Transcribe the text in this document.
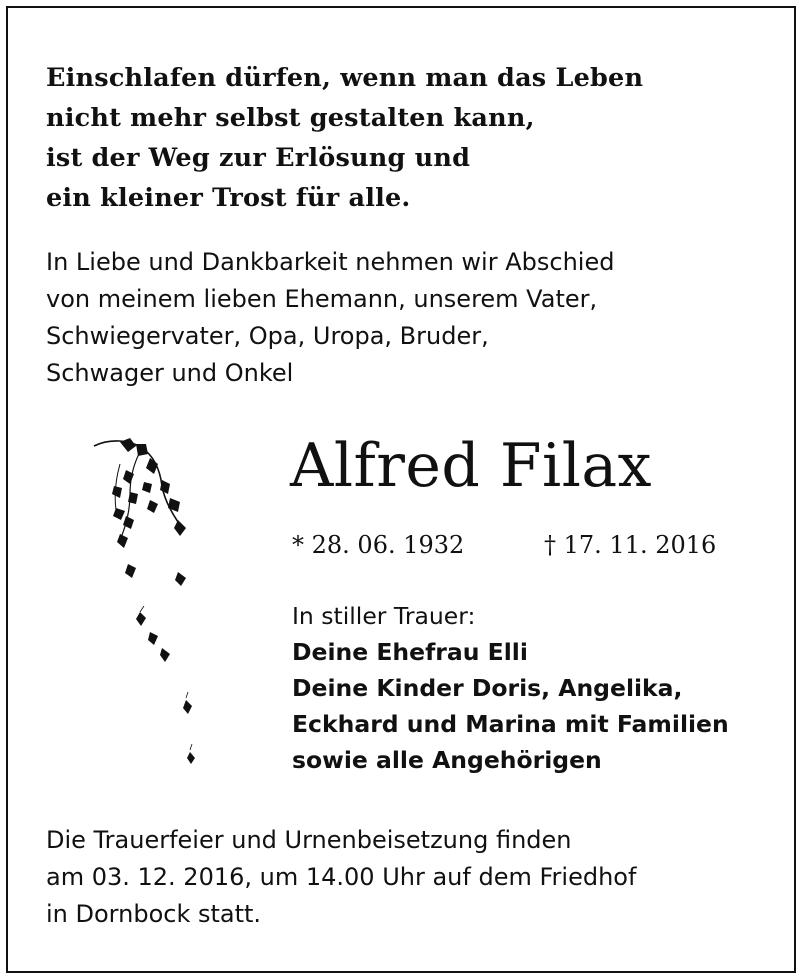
Einschlafen dürfen, wenn man das Leben
nicht mehr selbst gestalten kann,
ist der Weg zur Erlösung und
ein kleiner Trost für alle.
In Liebe und Dankbarkeit nehmen wir Abschied
von meinem lieben Ehemann, unserem Vater,
Schwiegervater, Opa, Uropa, Bruder,
Schwager und Onkel
Alfred Filax
* 28. 06. 1932	† 17. 11. 2016
In stiller Trauer:
Deine Ehefrau Elli
Deine Kinder Doris, Angelika,
Eckhard und Marina mit Familien
sowie alle Angehörigen
Die Trauerfeier und Urnenbeisetzung finden
am 03. 12. 2016, um 14.00 Uhr auf dem Friedhof
in Dornbock statt.
